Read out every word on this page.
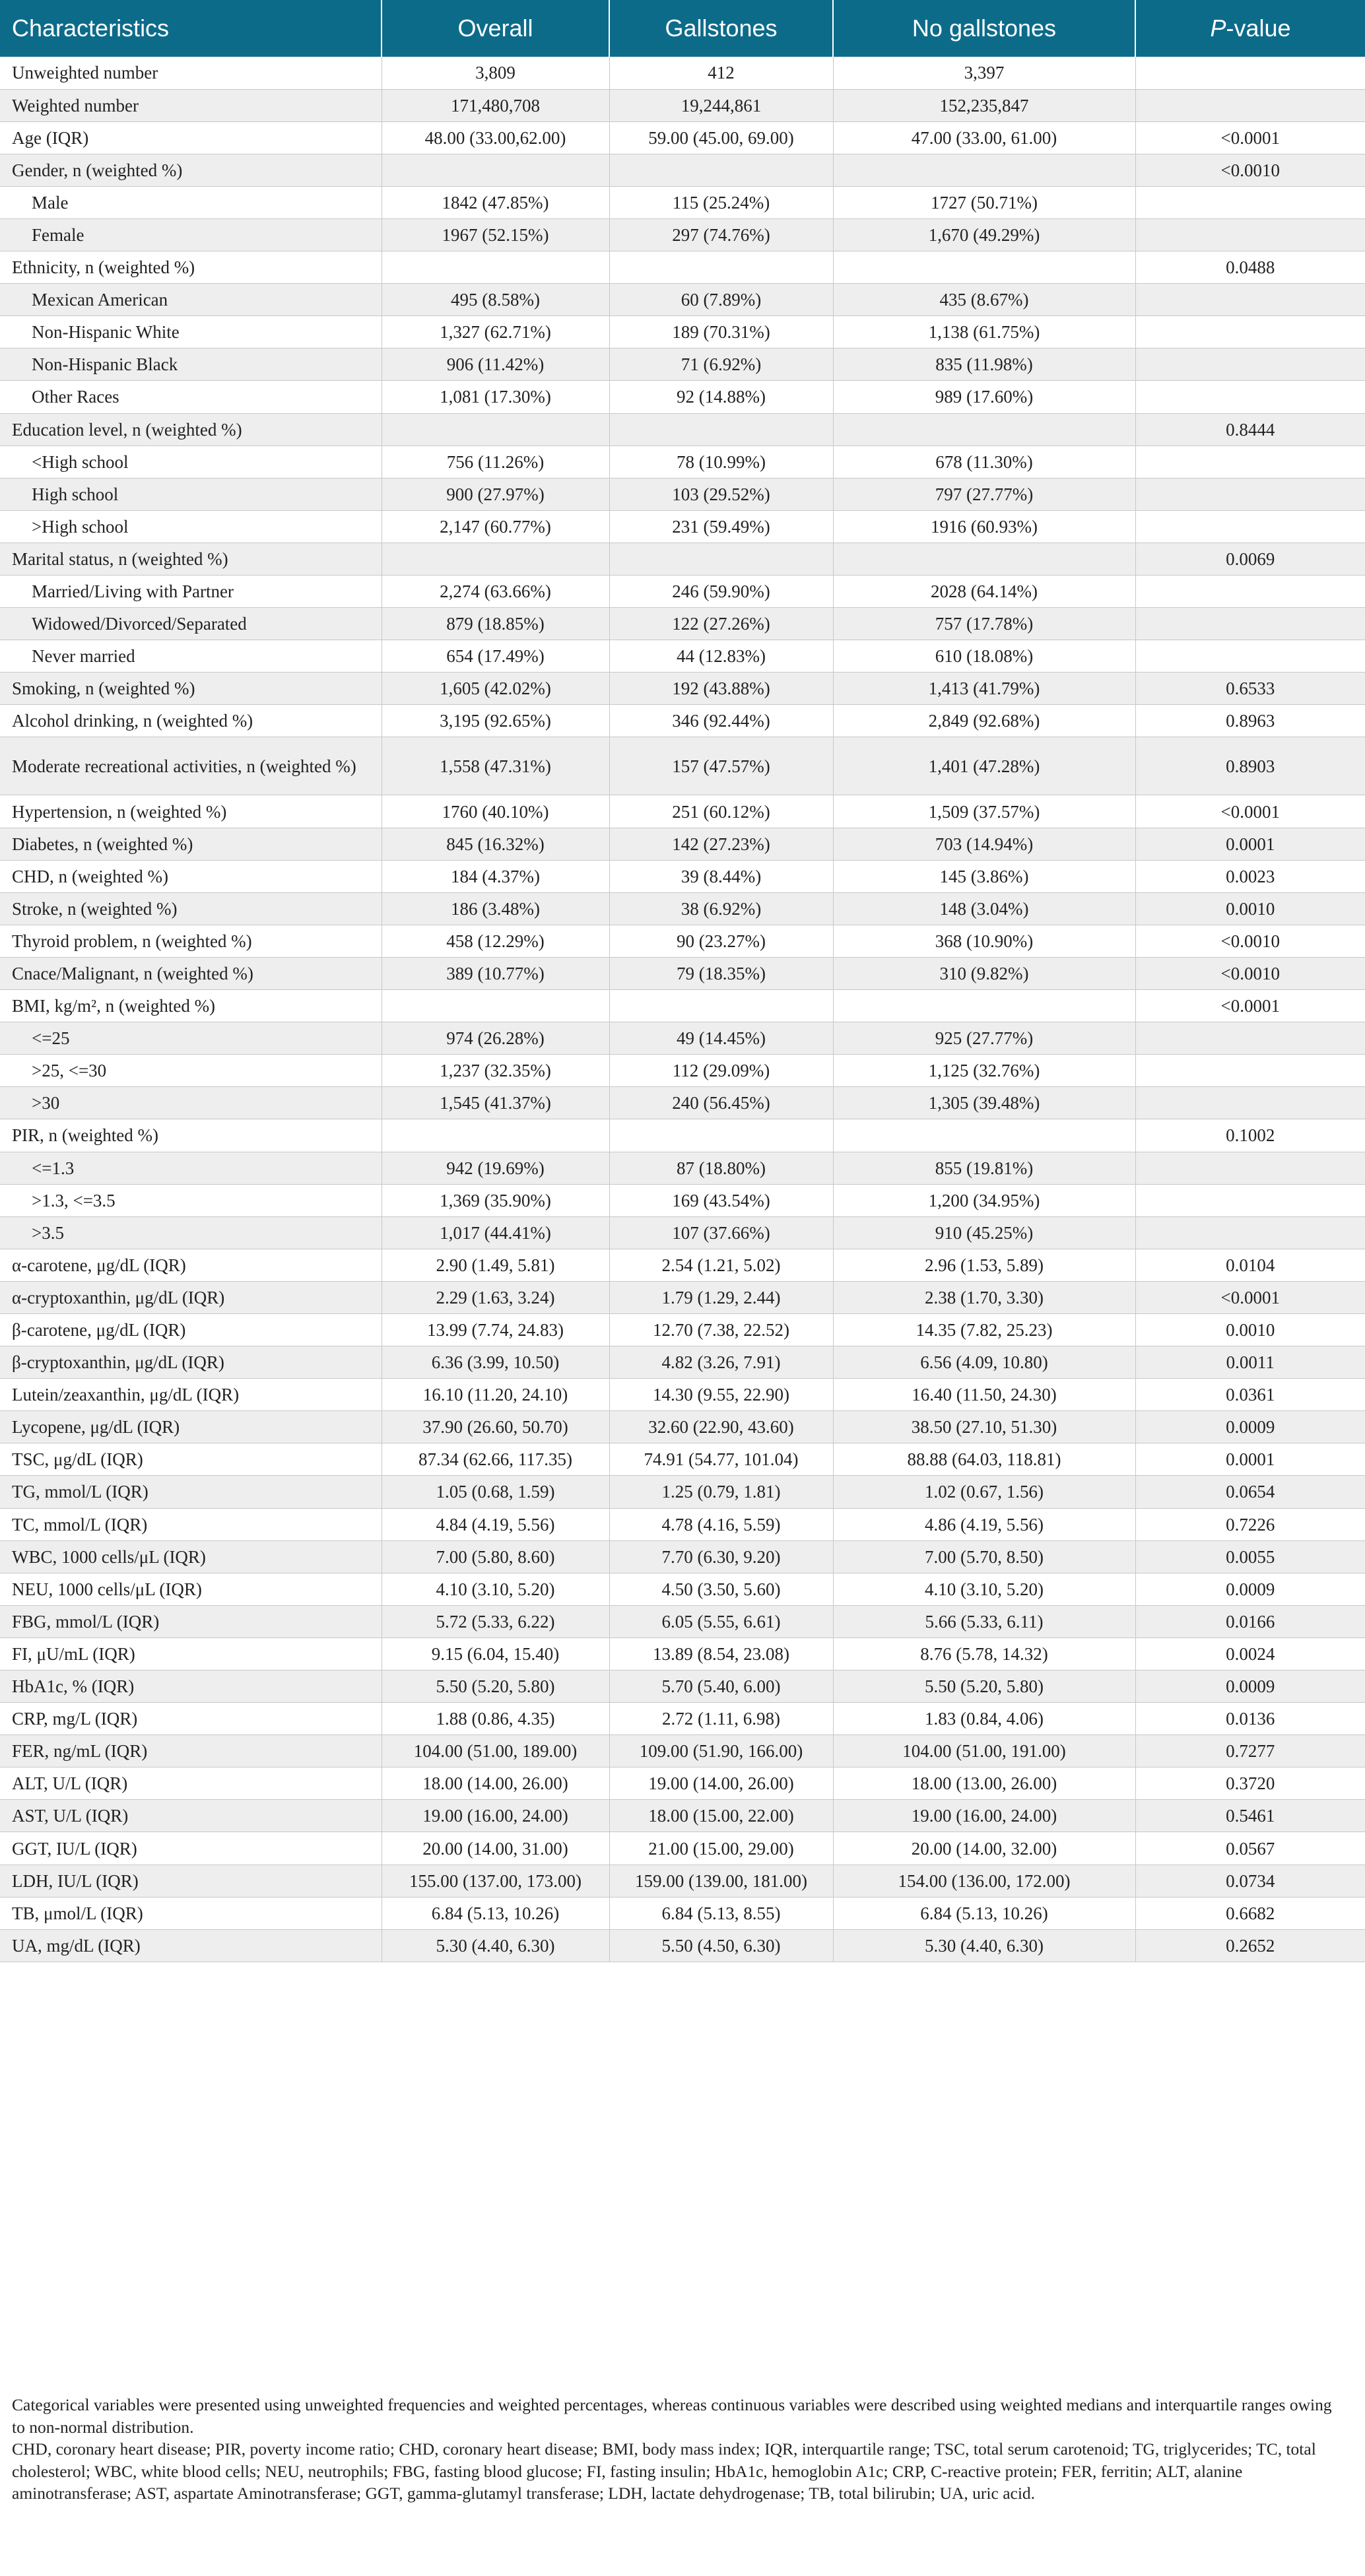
Characteristics	Overall	Gallstones	No gallstones	P-value
Unweighted number	3,809	412	3,397	
Weighted number	171,480,708	19,244,861	152,235,847	
Age (IQR)	48.00 (33.00,62.00)	59.00 (45.00, 69.00)	47.00 (33.00, 61.00)	<0.0001
Gender, n (weighted %)				<0.0010
Male	1842 (47.85%)	115 (25.24%)	1727 (50.71%)	
Female	1967 (52.15%)	297 (74.76%)	1,670 (49.29%)	
Ethnicity, n (weighted %)				0.0488
Mexican American	495 (8.58%)	60 (7.89%)	435 (8.67%)	
Non-Hispanic White	1,327 (62.71%)	189 (70.31%)	1,138 (61.75%)	
Non-Hispanic Black	906 (11.42%)	71 (6.92%)	835 (11.98%)	
Other Races	1,081 (17.30%)	92 (14.88%)	989 (17.60%)	
Education level, n (weighted %)				0.8444
<High school	756 (11.26%)	78 (10.99%)	678 (11.30%)	
High school	900 (27.97%)	103 (29.52%)	797 (27.77%)	
>High school	2,147 (60.77%)	231 (59.49%)	1916 (60.93%)	
Marital status, n (weighted %)				0.0069
Married/Living with Partner	2,274 (63.66%)	246 (59.90%)	2028 (64.14%)	
Widowed/Divorced/Separated	879 (18.85%)	122 (27.26%)	757 (17.78%)	
Never married	654 (17.49%)	44 (12.83%)	610 (18.08%)	
Smoking, n (weighted %)	1,605 (42.02%)	192 (43.88%)	1,413 (41.79%)	0.6533
Alcohol drinking, n (weighted %)	3,195 (92.65%)	346 (92.44%)	2,849 (92.68%)	0.8963
Moderate recreational activities, n (weighted %)	1,558 (47.31%)	157 (47.57%)	1,401 (47.28%)	0.8903
Hypertension, n (weighted %)	1760 (40.10%)	251 (60.12%)	1,509 (37.57%)	<0.0001
Diabetes, n (weighted %)	845 (16.32%)	142 (27.23%)	703 (14.94%)	0.0001
CHD, n (weighted %)	184 (4.37%)	39 (8.44%)	145 (3.86%)	0.0023
Stroke, n (weighted %)	186 (3.48%)	38 (6.92%)	148 (3.04%)	0.0010
Thyroid problem, n (weighted %)	458 (12.29%)	90 (23.27%)	368 (10.90%)	<0.0010
Cnace/Malignant, n (weighted %)	389 (10.77%)	79 (18.35%)	310 (9.82%)	<0.0010
BMI, kg/m², n (weighted %)				<0.0001
<=25	974 (26.28%)	49 (14.45%)	925 (27.77%)	
>25, <=30	1,237 (32.35%)	112 (29.09%)	1,125 (32.76%)	
>30	1,545 (41.37%)	240 (56.45%)	1,305 (39.48%)	
PIR, n (weighted %)				0.1002
<=1.3	942 (19.69%)	87 (18.80%)	855 (19.81%)	
>1.3, <=3.5	1,369 (35.90%)	169 (43.54%)	1,200 (34.95%)	
>3.5	1,017 (44.41%)	107 (37.66%)	910 (45.25%)	
α-carotene, μg/dL (IQR)	2.90 (1.49, 5.81)	2.54 (1.21, 5.02)	2.96 (1.53, 5.89)	0.0104
α-cryptoxanthin, μg/dL (IQR)	2.29 (1.63, 3.24)	1.79 (1.29, 2.44)	2.38 (1.70, 3.30)	<0.0001
β-carotene, μg/dL (IQR)	13.99 (7.74, 24.83)	12.70 (7.38, 22.52)	14.35 (7.82, 25.23)	0.0010
β-cryptoxanthin, μg/dL (IQR)	6.36 (3.99, 10.50)	4.82 (3.26, 7.91)	6.56 (4.09, 10.80)	0.0011
Lutein/zeaxanthin, μg/dL (IQR)	16.10 (11.20, 24.10)	14.30 (9.55, 22.90)	16.40 (11.50, 24.30)	0.0361
Lycopene, μg/dL (IQR)	37.90 (26.60, 50.70)	32.60 (22.90, 43.60)	38.50 (27.10, 51.30)	0.0009
TSC, μg/dL (IQR)	87.34 (62.66, 117.35)	74.91 (54.77, 101.04)	88.88 (64.03, 118.81)	0.0001
TG, mmol/L (IQR)	1.05 (0.68, 1.59)	1.25 (0.79, 1.81)	1.02 (0.67, 1.56)	0.0654
TC, mmol/L (IQR)	4.84 (4.19, 5.56)	4.78 (4.16, 5.59)	4.86 (4.19, 5.56)	0.7226
WBC, 1000 cells/μL (IQR)	7.00 (5.80, 8.60)	7.70 (6.30, 9.20)	7.00 (5.70, 8.50)	0.0055
NEU, 1000 cells/μL (IQR)	4.10 (3.10, 5.20)	4.50 (3.50, 5.60)	4.10 (3.10, 5.20)	0.0009
FBG, mmol/L (IQR)	5.72 (5.33, 6.22)	6.05 (5.55, 6.61)	5.66 (5.33, 6.11)	0.0166
FI, μU/mL (IQR)	9.15 (6.04, 15.40)	13.89 (8.54, 23.08)	8.76 (5.78, 14.32)	0.0024
HbA1c, % (IQR)	5.50 (5.20, 5.80)	5.70 (5.40, 6.00)	5.50 (5.20, 5.80)	0.0009
CRP, mg/L (IQR)	1.88 (0.86, 4.35)	2.72 (1.11, 6.98)	1.83 (0.84, 4.06)	0.0136
FER, ng/mL (IQR)	104.00 (51.00, 189.00)	109.00 (51.90, 166.00)	104.00 (51.00, 191.00)	0.7277
ALT, U/L (IQR)	18.00 (14.00, 26.00)	19.00 (14.00, 26.00)	18.00 (13.00, 26.00)	0.3720
AST, U/L (IQR)	19.00 (16.00, 24.00)	18.00 (15.00, 22.00)	19.00 (16.00, 24.00)	0.5461
GGT, IU/L (IQR)	20.00 (14.00, 31.00)	21.00 (15.00, 29.00)	20.00 (14.00, 32.00)	0.0567
LDH, IU/L (IQR)	155.00 (137.00, 173.00)	159.00 (139.00, 181.00)	154.00 (136.00, 172.00)	0.0734
TB, μmol/L (IQR)	6.84 (5.13, 10.26)	6.84 (5.13, 8.55)	6.84 (5.13, 10.26)	0.6682
UA, mg/dL (IQR)	5.30 (4.40, 6.30)	5.50 (4.50, 6.30)	5.30 (4.40, 6.30)	0.2652

Categorical variables were presented using unweighted frequencies and weighted percentages, whereas continuous variables were described using weighted medians and interquartile ranges owing to non-normal distribution.

CHD, coronary heart disease; PIR, poverty income ratio; CHD, coronary heart disease; BMI, body mass index; IQR, interquartile range; TSC, total serum carotenoid; TG, triglycerides; TC, total cholesterol; WBC, white blood cells; NEU, neutrophils; FBG, fasting blood glucose; FI, fasting insulin; HbA1c, hemoglobin A1c; CRP, C-reactive protein; FER, ferritin; ALT, alanine aminotransferase; AST, aspartate Aminotransferase; GGT, gamma-glutamyl transferase; LDH, lactate dehydrogenase; TB, total bilirubin; UA, uric acid.
